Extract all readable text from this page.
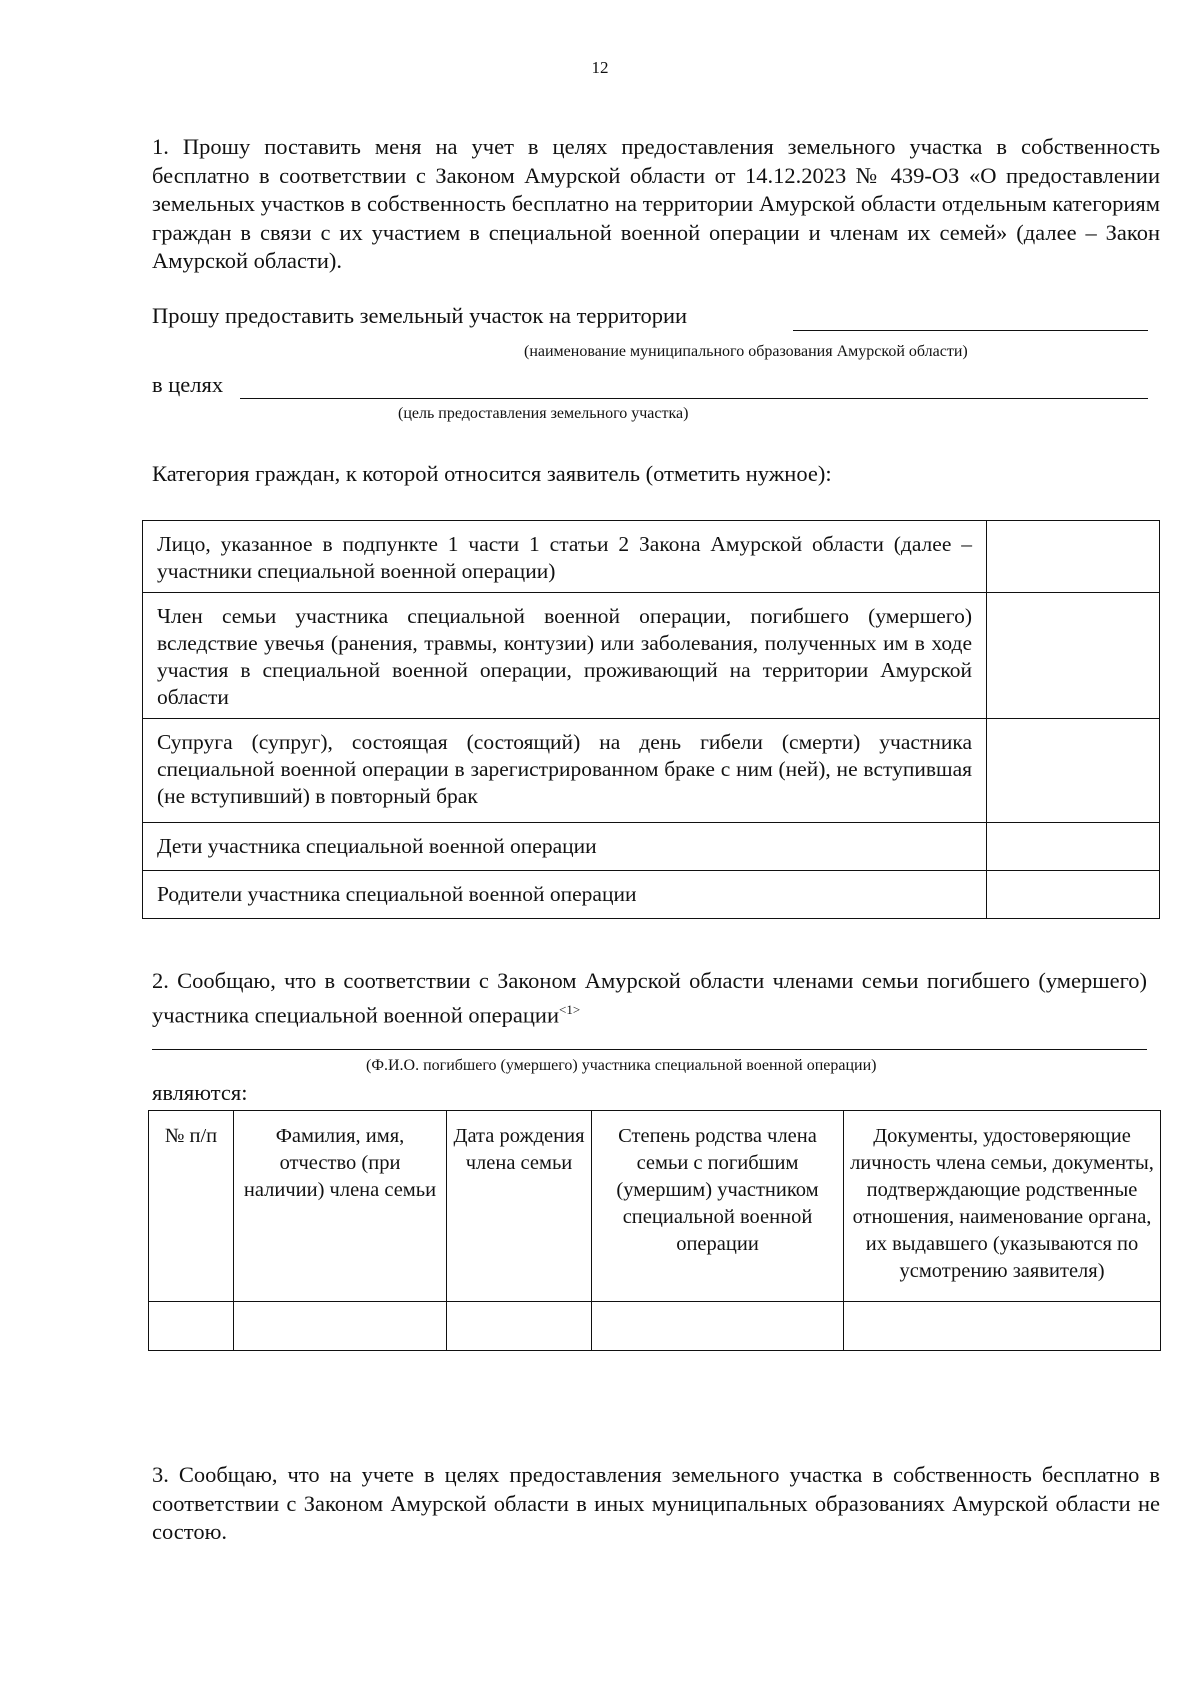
12
1. Прошу поставить меня на учет в целях предоставления земельного участка в собственность бесплатно в соответствии с Законом Амурской области от 14.12.2023 № 439-ОЗ «О предоставлении земельных участков в собственность бесплатно на территории Амурской области отдельным категориям граждан в связи с их участием в специальной военной операции и членам их семей» (далее – Закон Амурской области).
Прошу предоставить земельный участок на территории
(наименование муниципального образования Амурской области)
в целях
(цель предоставления земельного участка)
Категория граждан, к которой относится заявитель (отметить нужное):
Лицо, указанное в подпункте 1 части 1 статьи 2 Закона Амурской области (далее – участники специальной военной операции)	
Член семьи участника специальной военной операции, погибшего (умершего) вследствие увечья (ранения, травмы, контузии) или заболевания, полученных им в ходе участия в специальной военной операции, проживающий на территории Амурской области	
Супруга (супруг), состоящая (состоящий) на день гибели (смерти) участника специальной военной операции в зарегистрированном браке с ним (ней), не вступившая (не вступивший) в повторный брак	
Дети участника специальной военной операции	
Родители участника специальной военной операции	
2. Сообщаю, что в соответствии с Законом Амурской области членами семьи погибшего (умершего) участника специальной военной операции$^{<1>}$
(Ф.И.О. погибшего (умершего) участника специальной военной операции)
являются:
№ п/п	Фамилия, имя, отчество (при наличии) члена семьи	Дата рождения члена семьи	Степень родства члена семьи с погибшим (умершим) участником специальной военной операции	Документы, удостоверяющие личность члена семьи, документы, подтверждающие родственные отношения, наименование органа, их выдавшего (указываются по усмотрению заявителя)

3. Сообщаю, что на учете в целях предоставления земельного участка в собственность бесплатно в соответствии с Законом Амурской области в иных муниципальных образованиях Амурской области не состою.
